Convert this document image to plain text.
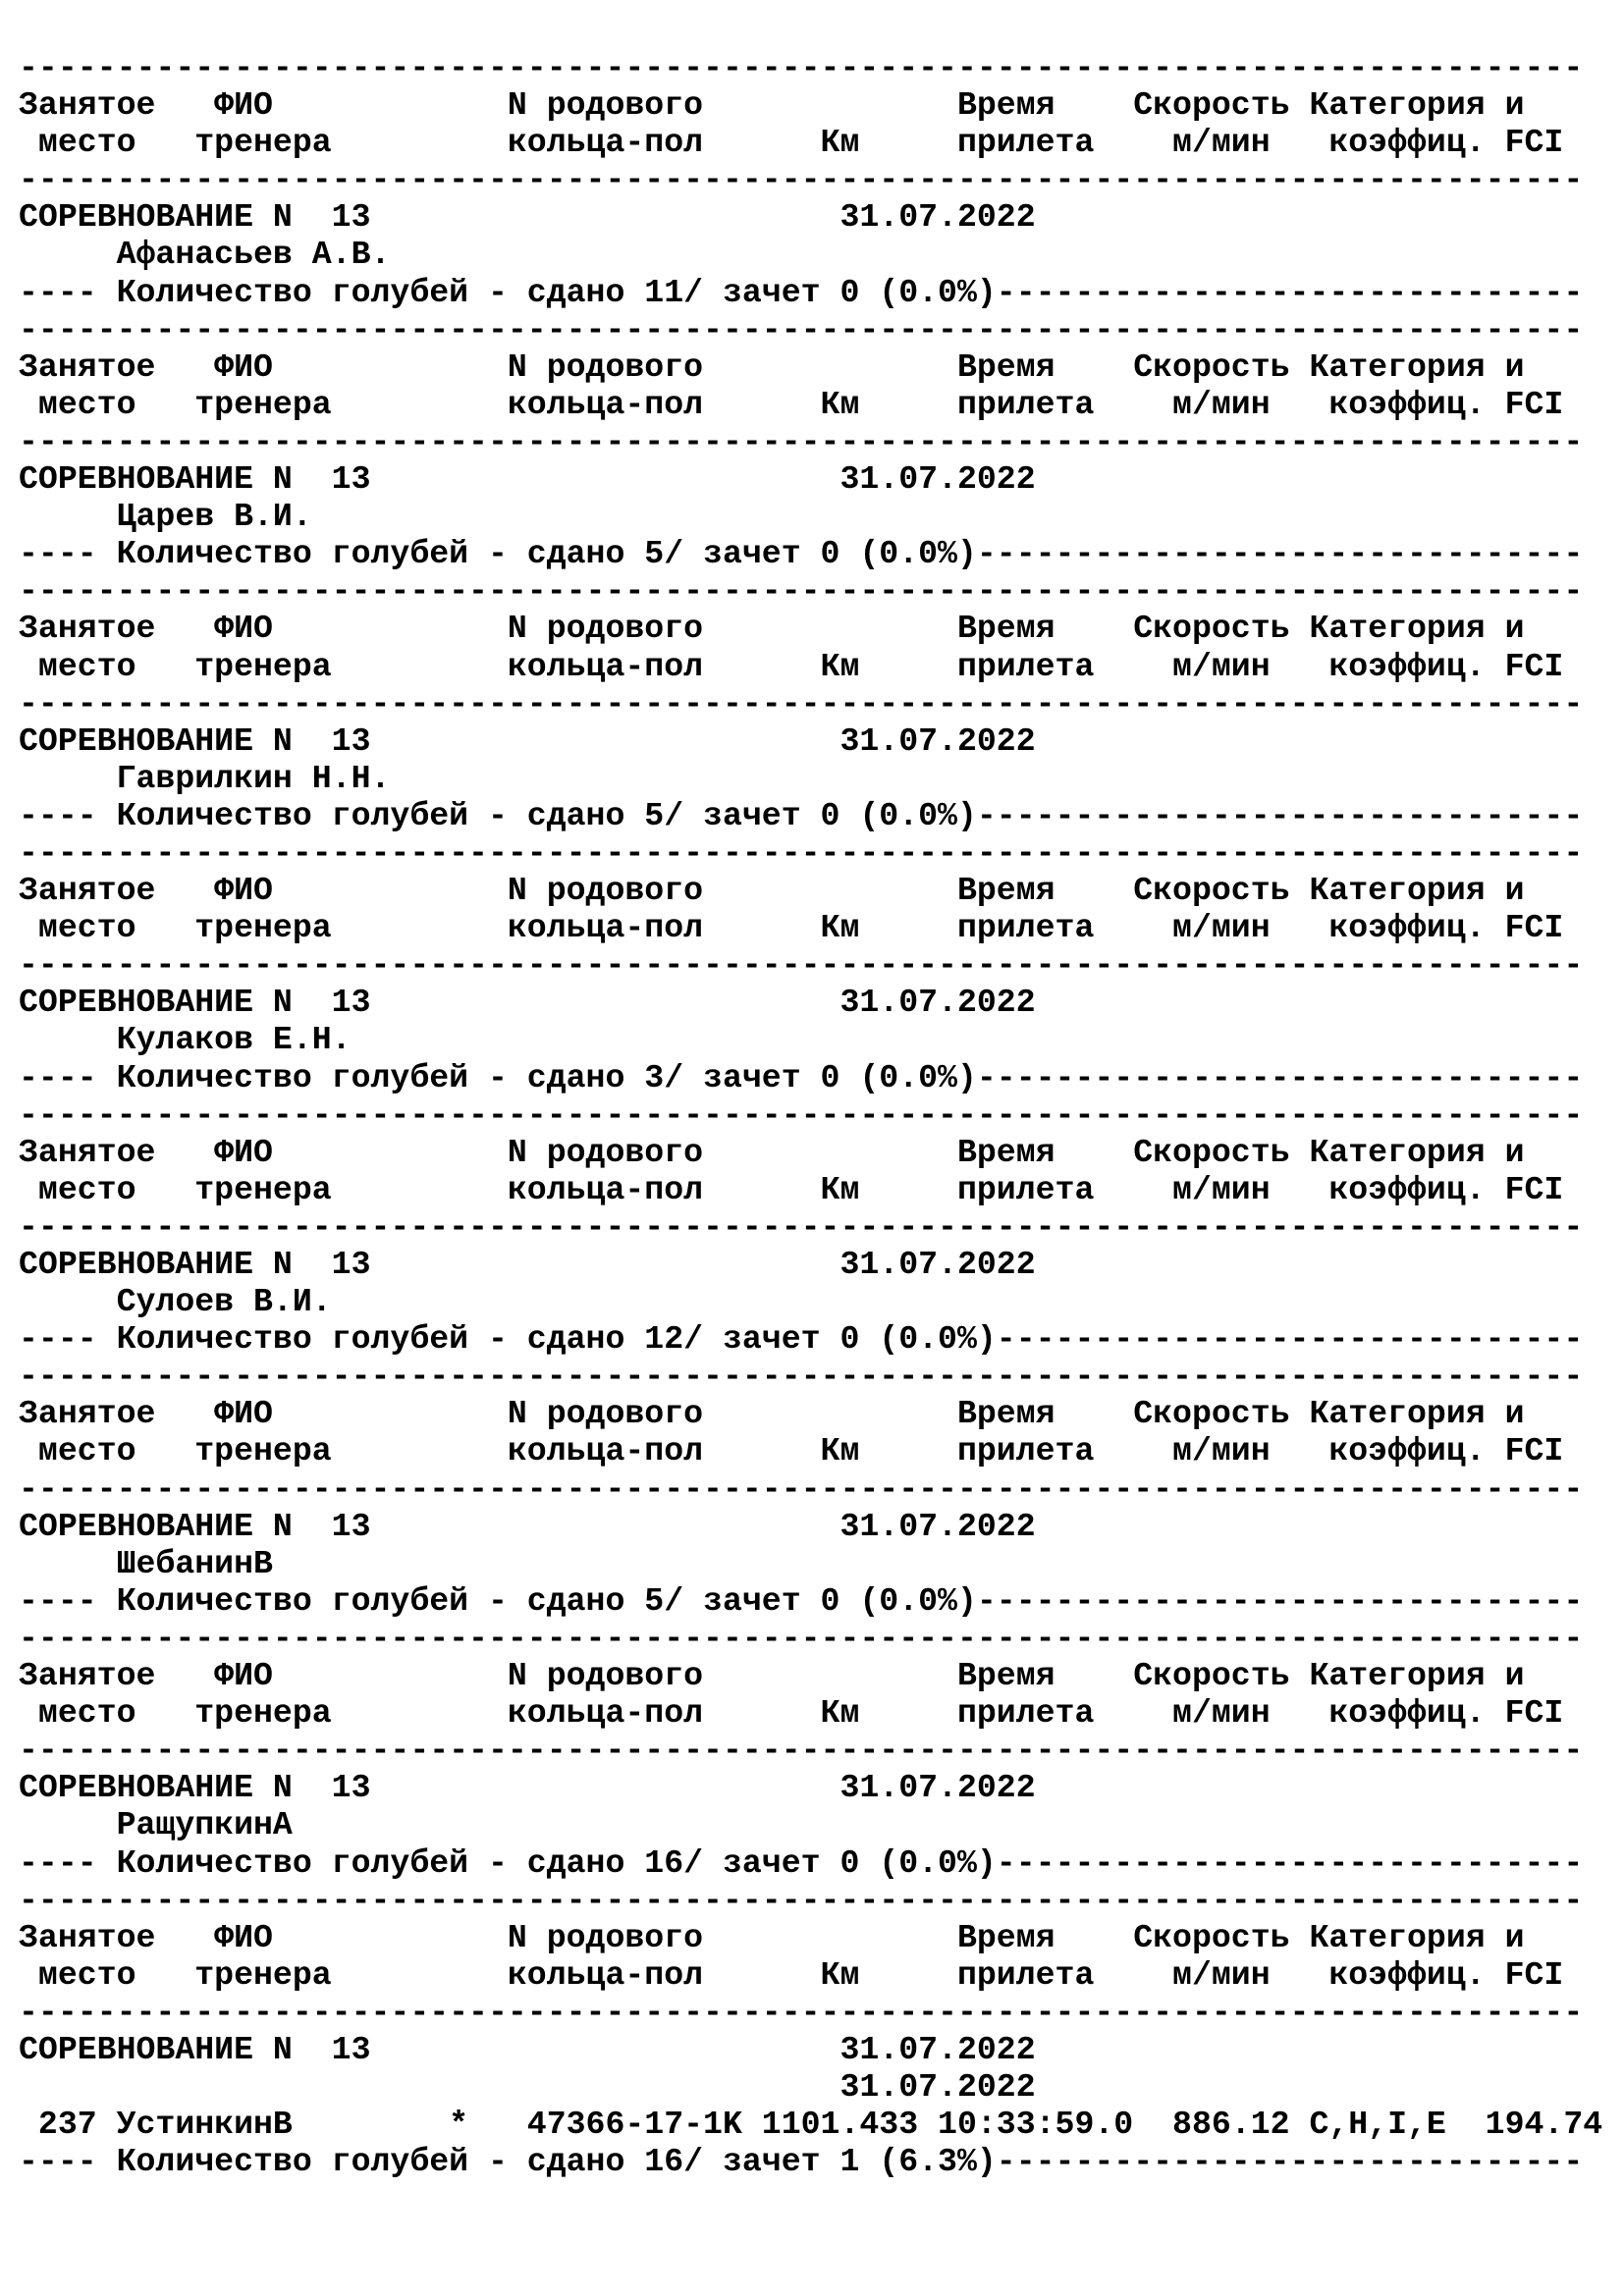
--------------------------------------------------------------------------------
Занятое   ФИО            N родового             Время    Скорость Категория и
место   тренера         кольца-пол      Км     прилета    м/мин   коэффиц. FCI
--------------------------------------------------------------------------------
СОРЕВНОВАНИЕ N  13                        31.07.2022
Афанасьев А.В.
---- Количество голубей - сдано 11/ зачет 0 (0.0%)------------------------------
--------------------------------------------------------------------------------
Занятое   ФИО            N родового             Время    Скорость Категория и
место   тренера         кольца-пол      Км     прилета    м/мин   коэффиц. FCI
--------------------------------------------------------------------------------
СОРЕВНОВАНИЕ N  13                        31.07.2022
Царев В.И.
---- Количество голубей - сдано 5/ зачет 0 (0.0%)-------------------------------
--------------------------------------------------------------------------------
Занятое   ФИО            N родового             Время    Скорость Категория и
место   тренера         кольца-пол      Км     прилета    м/мин   коэффиц. FCI
--------------------------------------------------------------------------------
СОРЕВНОВАНИЕ N  13                        31.07.2022
Гаврилкин Н.Н.
---- Количество голубей - сдано 5/ зачет 0 (0.0%)-------------------------------
--------------------------------------------------------------------------------
Занятое   ФИО            N родового             Время    Скорость Категория и
место   тренера         кольца-пол      Км     прилета    м/мин   коэффиц. FCI
--------------------------------------------------------------------------------
СОРЕВНОВАНИЕ N  13                        31.07.2022
Кулаков Е.Н.
---- Количество голубей - сдано 3/ зачет 0 (0.0%)-------------------------------
--------------------------------------------------------------------------------
Занятое   ФИО            N родового             Время    Скорость Категория и
место   тренера         кольца-пол      Км     прилета    м/мин   коэффиц. FCI
--------------------------------------------------------------------------------
СОРЕВНОВАНИЕ N  13                        31.07.2022
Сулоев В.И.
---- Количество голубей - сдано 12/ зачет 0 (0.0%)------------------------------
--------------------------------------------------------------------------------
Занятое   ФИО            N родового             Время    Скорость Категория и
место   тренера         кольца-пол      Км     прилета    м/мин   коэффиц. FCI
--------------------------------------------------------------------------------
СОРЕВНОВАНИЕ N  13                        31.07.2022
ШебанинВ
---- Количество голубей - сдано 5/ зачет 0 (0.0%)-------------------------------
--------------------------------------------------------------------------------
Занятое   ФИО            N родового             Время    Скорость Категория и
место   тренера         кольца-пол      Км     прилета    м/мин   коэффиц. FCI
--------------------------------------------------------------------------------
СОРЕВНОВАНИЕ N  13                        31.07.2022
РащупкинА
---- Количество голубей - сдано 16/ зачет 0 (0.0%)------------------------------
--------------------------------------------------------------------------------
Занятое   ФИО            N родового             Время    Скорость Категория и
место   тренера         кольца-пол      Км     прилета    м/мин   коэффиц. FCI
--------------------------------------------------------------------------------
СОРЕВНОВАНИЕ N  13                        31.07.2022
31.07.2022
237 УстинкинВ        *   47366-17-1K 1101.433 10:33:59.0  886.12 C,H,I,E  194.74
---- Количество голубей - сдано 16/ зачет 1 (6.3%)------------------------------
